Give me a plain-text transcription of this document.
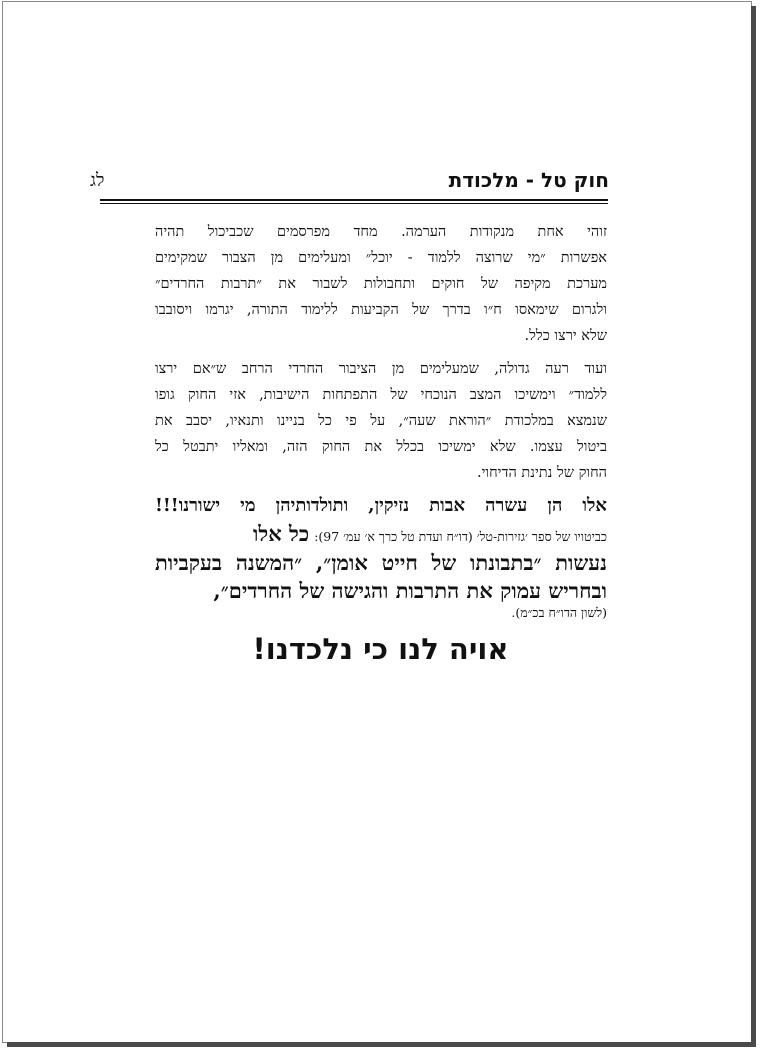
חוק טל - מלכודת
לג
זוהי אחת מנקודות הערמה. מחד מפרסמים שכביכול תהיה
אפשרות ״מי שרוצה ללמוד - יוכל״ ומעלימים מן הצבור שמקימים
מערכת מקיפה של חוקים ותחבולות לשבור את ״תרבות החרדים״
ולגרום שימאסו ח״ו בדרך של הקביעות ללימוד התורה, יגרמו ויסובבו
שלא ירצו כלל.
ועוד רעה גדולה, שמעלימים מן הציבור החרדי הרחב ש״אם ירצו
ללמוד״ וימשיכו המצב הנוכחי של התפתחות הישיבות, אזי החוק גופו
שנמצא במלכודת ״הוראת שעה״, על פי כל בניינו ותנאיו, יסבב את
ביטול עצמו. שלא ימשיכו בכלל את החוק הזה, ומאליו יתבטל כל
החוק של נתינת הדיחוי.
אלו הן עשרה אבות נזיקין, ותולדותיהן מי ישורנו!!!
כביטויו של ספר ׳גזירות-טל׳ (דו״ח ועדת טל כרך א׳ עמ׳ 97): כל אלו
נעשות ״בתבונתו של חייט אומן״, ״המשנה בעקביות
ובחריש עמוק את התרבות והגישה של החרדים״,
(לשון הדו״ח בכ״מ).
אויה לנו כי נלכדנו!
